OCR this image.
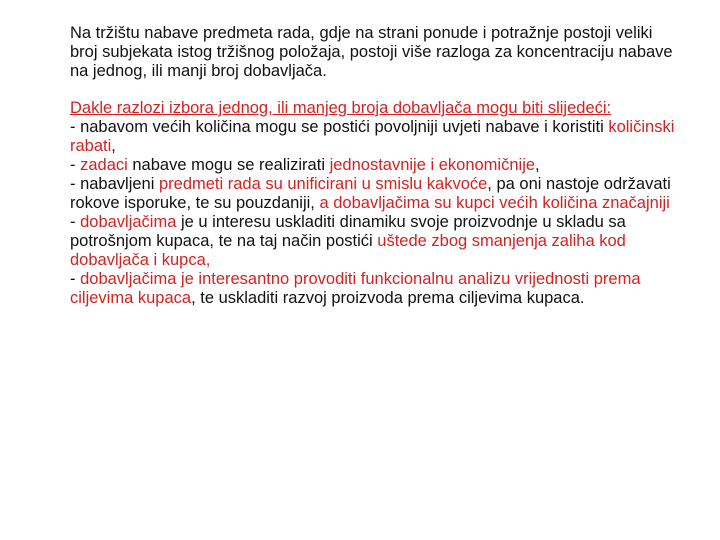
Na tržištu nabave predmeta rada, gdje na strani ponude i potražnje postoji veliki broj subjekata istog tržišnog položaja, postoji više razloga za koncentraciju nabave na jednog, ili manji broj dobavljača.

Dakle razlozi izbora jednog, ili manjeg broja dobavljača mogu biti slijedeći:
- nabavom većih količina mogu se postići povoljniji uvjeti nabave i koristiti količinski rabati,
- zadaci nabave mogu se realizirati jednostavnije i ekonomičnije,
- nabavljeni predmeti rada su unificirani u smislu kakvoće, pa oni nastoje održavati rokove isporuke, te su pouzdaniji, a dobavljačima su kupci većih količina značajniji
- dobavljačima je u interesu uskladiti dinamiku svoje proizvodnje u skladu sa potrošnjom kupaca, te na taj način postići uštede zbog smanjenja zaliha kod dobavljača i kupca,
- dobavljačima je interesantno provoditi funkcionalnu analizu vrijednosti prema ciljevima kupaca, te uskladiti razvoj proizvoda prema ciljevima kupaca.
